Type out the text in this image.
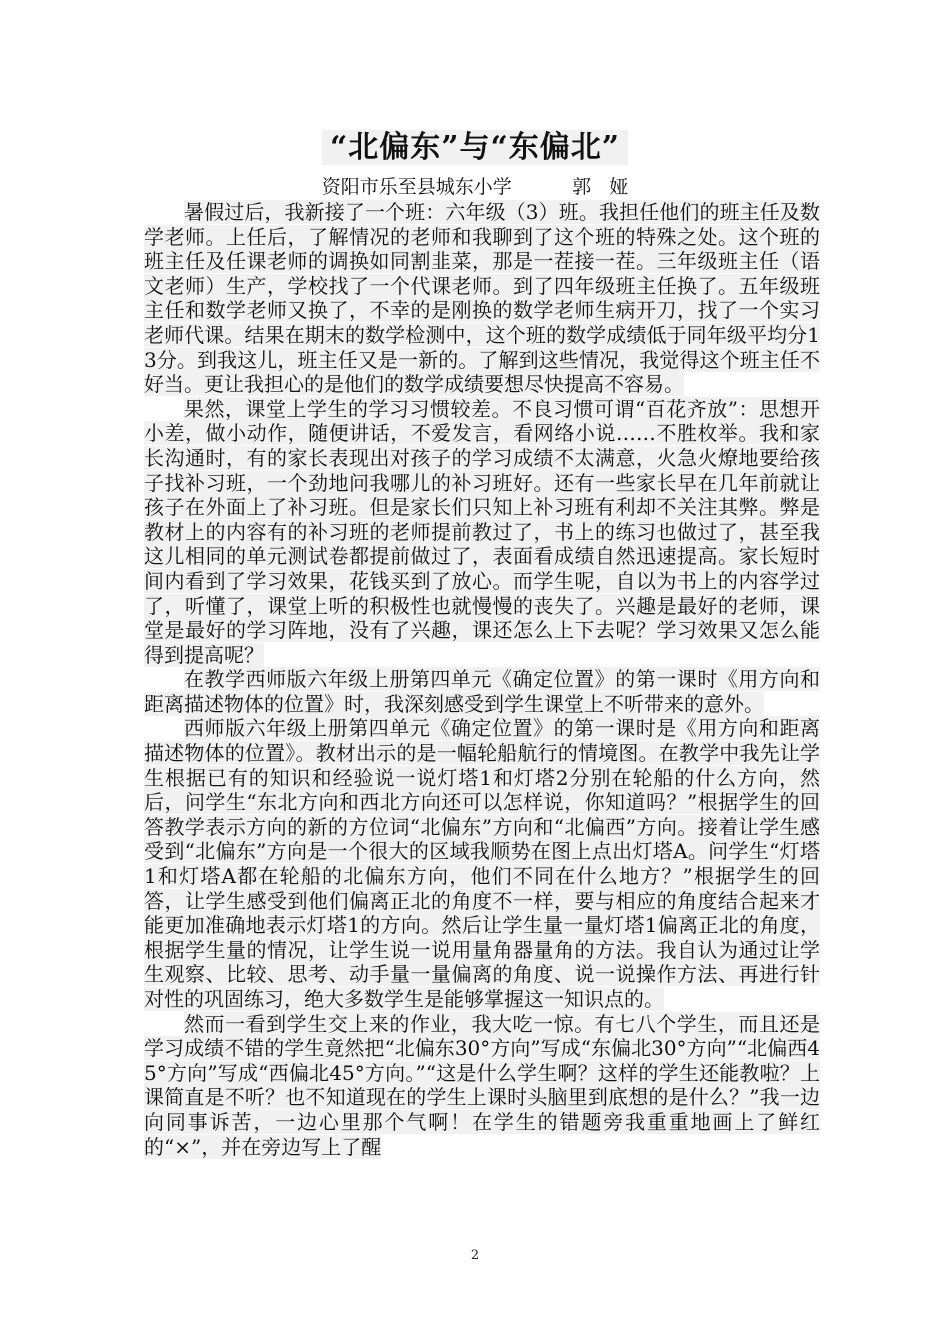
“北偏东”与“东偏北”
资阳市乐至县城东小学          郭   娅

暑假过后，我新接了一个班：六年级（3）班。我担任他们的班主任及数学老师。上任后，了解情况的老师和我聊到了这个班的特殊之处。这个班的班主任及任课老师的调换如同割韭菜，那是一茬接一茬。三年级班主任（语文老师）生产，学校找了一个代课老师。到了四年级班主任换了。五年级班主任和数学老师又换了，不幸的是刚换的数学老师生病开刀，找了一个实习老师代课。结果在期末的数学检测中，这个班的数学成绩低于同年级平均分13分。到我这儿，班主任又是一新的。了解到这些情况，我觉得这个班主任不好当。更让我担心的是他们的数学成绩要想尽快提高不容易。

果然，课堂上学生的学习习惯较差。不良习惯可谓“百花齐放”：思想开小差，做小动作，随便讲话，不爱发言，看网络小说……不胜枚举。我和家长沟通时，有的家长表现出对孩子的学习成绩不太满意，火急火燎地要给孩子找补习班，一个劲地问我哪儿的补习班好。还有一些家长早在几年前就让孩子在外面上了补习班。但是家长们只知上补习班有利却不关注其弊。弊是教材上的内容有的补习班的老师提前教过了，书上的练习也做过了，甚至我这儿相同的单元测试卷都提前做过了，表面看成绩自然迅速提高。家长短时间内看到了学习效果，花钱买到了放心。而学生呢，自以为书上的内容学过了，听懂了，课堂上听的积极性也就慢慢的丧失了。兴趣是最好的老师，课堂是最好的学习阵地，没有了兴趣，课还怎么上下去呢？学习效果又怎么能得到提高呢？

在教学西师版六年级上册第四单元《确定位置》的第一课时《用方向和距离描述物体的位置》时，我深刻感受到学生课堂上不听带来的意外。

西师版六年级上册第四单元《确定位置》的第一课时是《用方向和距离描述物体的位置》。教材出示的是一幅轮船航行的情境图。在教学中我先让学生根据已有的知识和经验说一说灯塔1和灯塔2分别在轮船的什么方向，然后，问学生“东北方向和西北方向还可以怎样说，你知道吗？”根据学生的回答教学表示方向的新的方位词“北偏东”方向和“北偏西”方向。接着让学生感受到“北偏东”方向是一个很大的区域我顺势在图上点出灯塔A。问学生“灯塔1和灯塔A都在轮船的北偏东方向，他们不同在什么地方？”根据学生的回答，让学生感受到他们偏离正北的角度不一样，要与相应的角度结合起来才能更加准确地表示灯塔1的方向。然后让学生量一量灯塔1偏离正北的角度，根据学生量的情况，让学生说一说用量角器量角的方法。我自认为通过让学生观察、比较、思考、动手量一量偏离的角度、说一说操作方法、再进行针对性的巩固练习，绝大多数学生是能够掌握这一知识点的。

然而一看到学生交上来的作业，我大吃一惊。有七八个学生，而且还是学习成绩不错的学生竟然把“北偏东30°方向”写成“东偏北30°方向”“北偏西45°方向”写成“西偏北45°方向。”“这是什么学生啊？这样的学生还能教啦？上课简直是不听？也不知道现在的学生上课时头脑里到底想的是什么？”我一边向同事诉苦，一边心里那个气啊！在学生的错题旁我重重地画上了鲜红的“×”，并在旁边写上了醒

2
